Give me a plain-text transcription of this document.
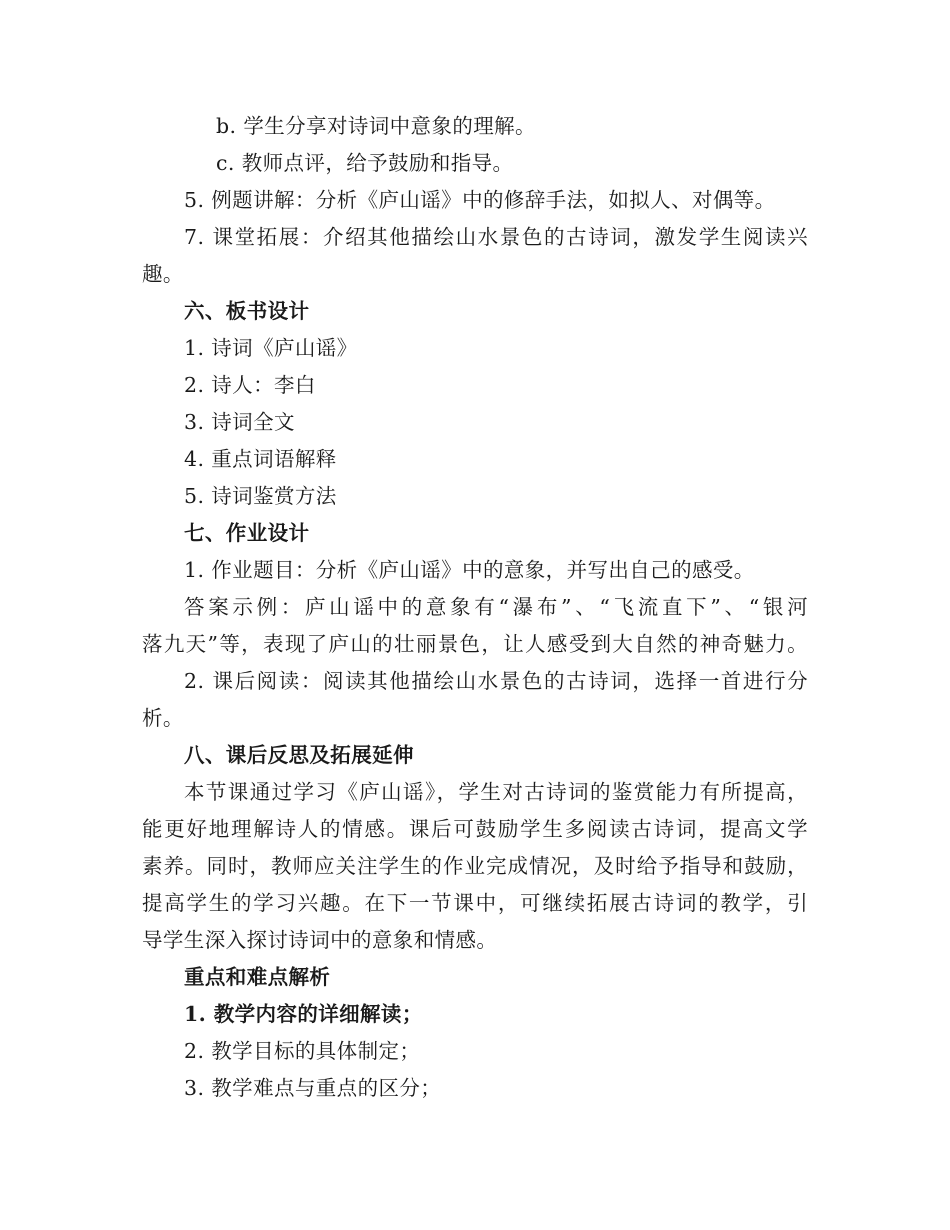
b. 学生分享对诗词中意象的理解。
c. 教师点评，给予鼓励和指导。
5. 例题讲解：分析《庐山谣》中的修辞手法，如拟人、对偶等。
7. 课堂拓展：介绍其他描绘山水景色的古诗词，激发学生阅读兴
趣。
六、板书设计
1. 诗词《庐山谣》
2. 诗人：李白
3. 诗词全文
4. 重点词语解释
5. 诗词鉴赏方法
七、作业设计
1. 作业题目：分析《庐山谣》中的意象，并写出自己的感受。
答案示例：庐山谣中的意象有“瀑布”、“飞流直下”、“银河
落九天”等，表现了庐山的壮丽景色，让人感受到大自然的神奇魅力。
2. 课后阅读：阅读其他描绘山水景色的古诗词，选择一首进行分
析。
八、课后反思及拓展延伸
本节课通过学习《庐山谣》，学生对古诗词的鉴赏能力有所提高，
能更好地理解诗人的情感。课后可鼓励学生多阅读古诗词，提高文学
素养。同时，教师应关注学生的作业完成情况，及时给予指导和鼓励，
提高学生的学习兴趣。在下一节课中，可继续拓展古诗词的教学，引
导学生深入探讨诗词中的意象和情感。
重点和难点解析
1. 教学内容的详细解读；
2. 教学目标的具体制定；
3. 教学难点与重点的区分；
